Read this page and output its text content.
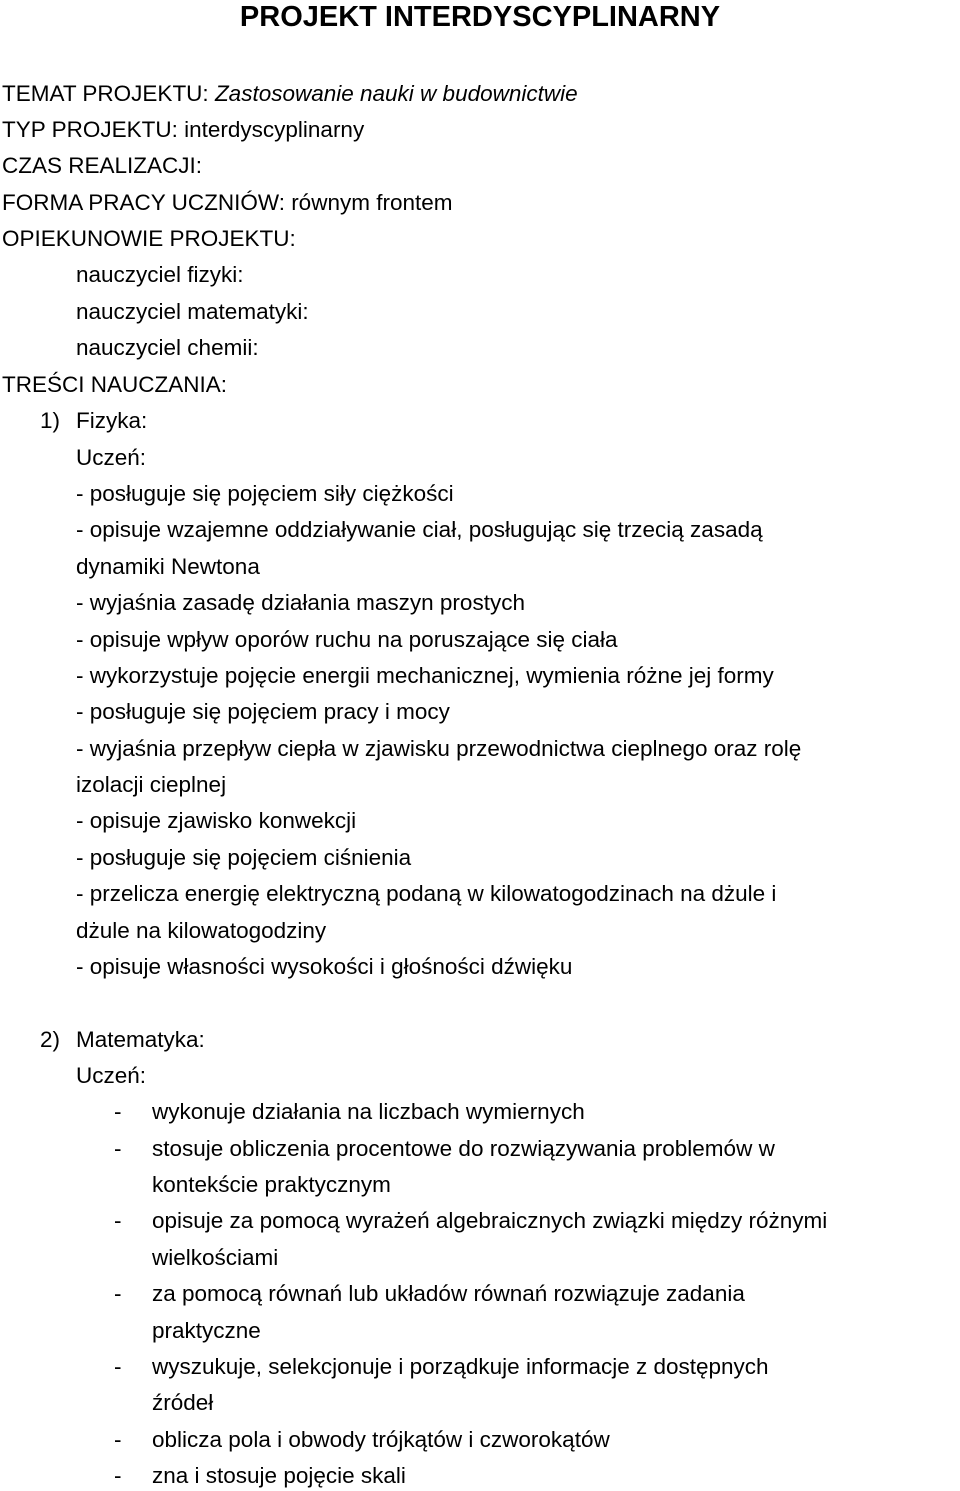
PROJEKT INTERDYSCYPLINARNY
TEMAT PROJEKTU: Zastosowanie nauki w budownictwie
TYP PROJEKTU: interdyscyplinarny
CZAS REALIZACJI:
FORMA PRACY UCZNIÓW: równym frontem
OPIEKUNOWIE PROJEKTU:
nauczyciel fizyki:
nauczyciel matematyki:
nauczyciel chemii:
TREŚCI NAUCZANIA:
1) Fizyka:
Uczeń:
- posługuje się pojęciem siły ciężkości
- opisuje wzajemne oddziaływanie ciał, posługując się trzecią zasadą
dynamiki Newtona
- wyjaśnia zasadę działania maszyn prostych
- opisuje wpływ oporów ruchu na poruszające się ciała
- wykorzystuje pojęcie energii mechanicznej, wymienia różne jej formy
- posługuje się pojęciem pracy i mocy
- wyjaśnia przepływ ciepła w zjawisku przewodnictwa cieplnego oraz rolę
izolacji cieplnej
- opisuje zjawisko konwekcji
- posługuje się pojęciem ciśnienia
- przelicza energię elektryczną podaną w kilowatogodzinach na dżule i
dżule na kilowatogodziny
- opisuje własności wysokości i głośności dźwięku
2) Matematyka:
Uczeń:
- wykonuje działania na liczbach wymiernych
- stosuje obliczenia procentowe do rozwiązywania problemów w
kontekście praktycznym
- opisuje za pomocą wyrażeń algebraicznych związki między różnymi
wielkościami
- za pomocą równań lub układów równań rozwiązuje zadania
praktyczne
- wyszukuje, selekcjonuje i porządkuje informacje z dostępnych
źródeł
- oblicza pola i obwody trójkątów i czworokątów
- zna i stosuje pojęcie skali
